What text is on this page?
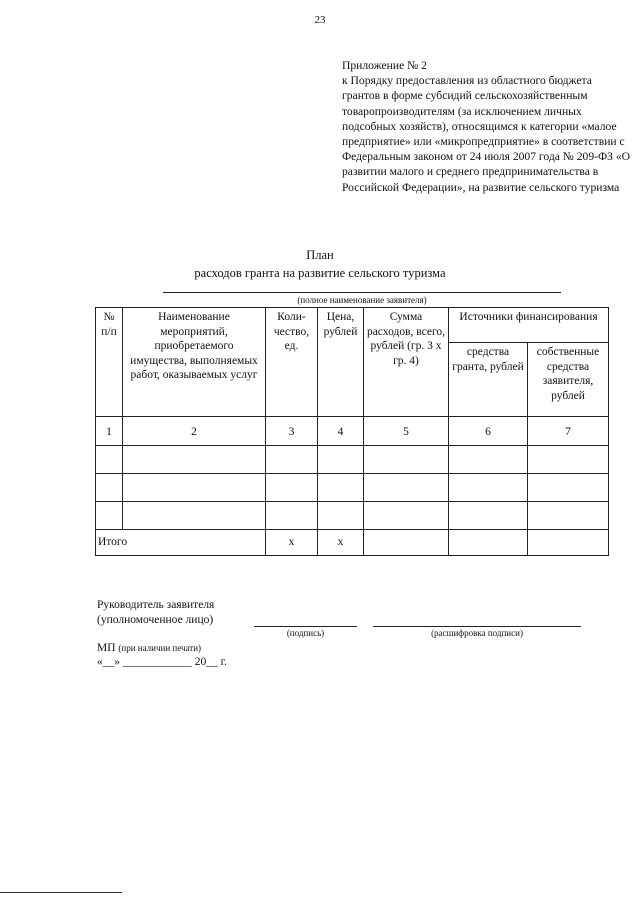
23
Приложение № 2
к Порядку предоставления из областного бюджета грантов в форме субсидий сельскохозяйственным товаропроизводителям (за исключением личных подсобных хозяйств), относящимся к категории «малое предприятие» или «микропредприятие» в соответствии с Федеральным законом от 24 июля 2007 года № 209-ФЗ «О развитии малого и среднего предпринимательства в Российской Федерации», на развитие сельского туризма
План
расходов гранта на развитие сельского туризма
(полное наименование заявителя)
№ п/п	Наименование мероприятий, приобретаемого имущества, выполняемых работ, оказываемых услуг	Коли-чество, ед.	Цена, рублей	Сумма расходов, всего, рублей (гр. 3 х гр. 4)	Источники финансирования	
					средства гранта, рублей	собственные средства заявителя, рублей
1	2	3	4	5	6	7

Итого		х	х			
Руководитель заявителя
(уполномоченное лицо)
(подпись)	(расшифровка подписи)
МП (при наличии печати)
«__» ____________ 20__ г.
